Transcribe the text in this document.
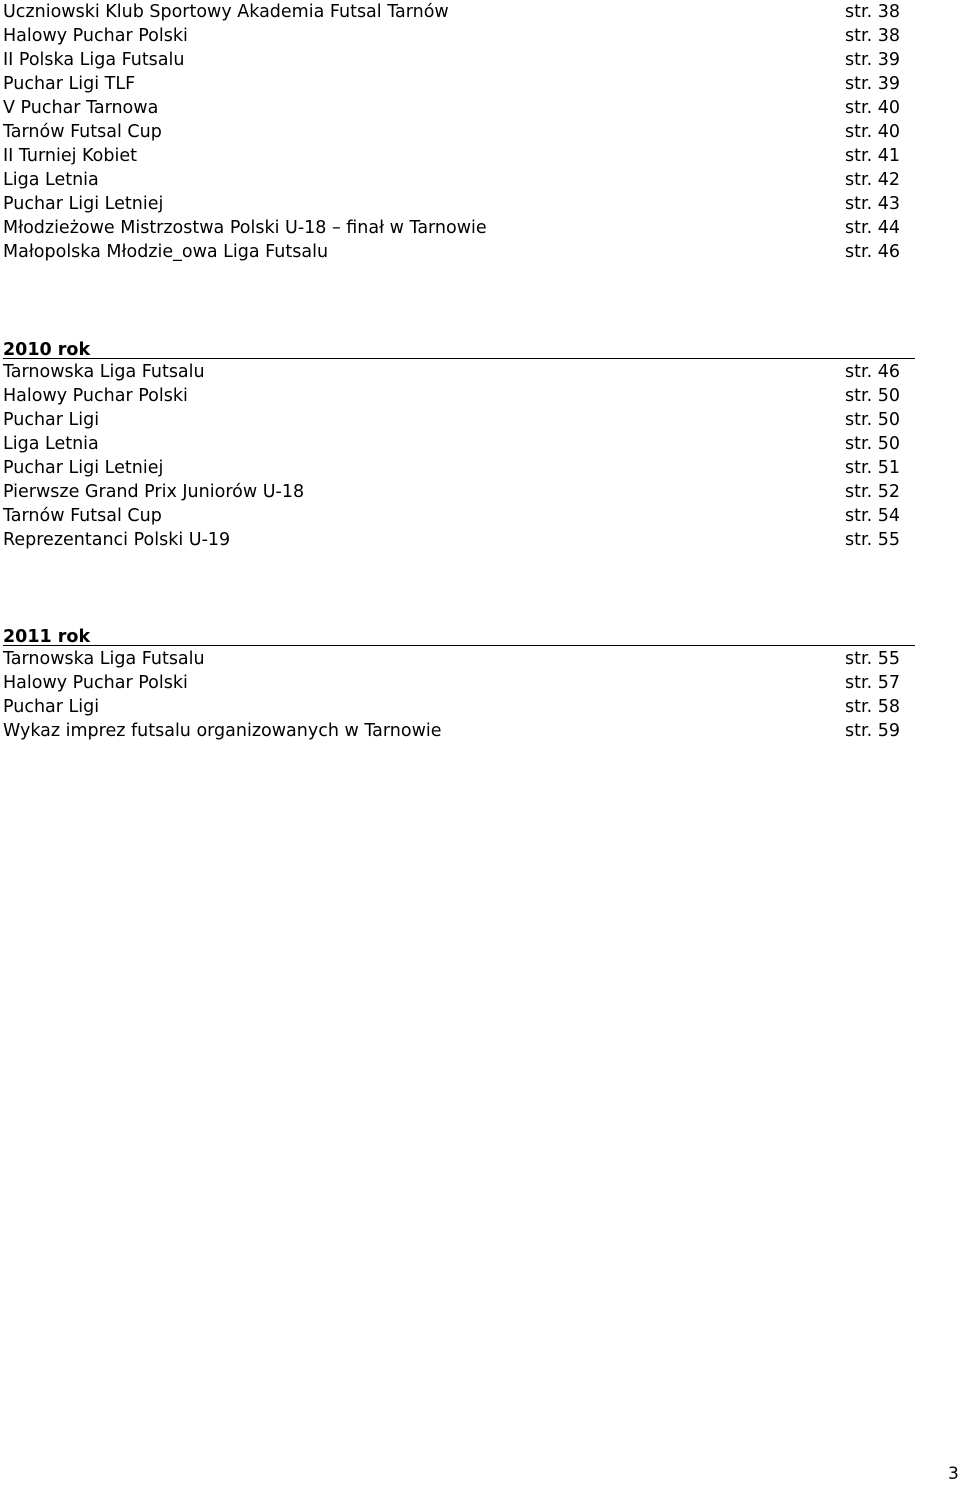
Uczniowski Klub Sportowy Akademia Futsal Tarnów	str. 38
Halowy Puchar Polski	str. 38
II Polska Liga Futsalu	str. 39
Puchar Ligi TLF	str. 39
V Puchar Tarnowa	str. 40
Tarnów Futsal Cup	str. 40
II Turniej Kobiet	str. 41
Liga Letnia	str. 42
Puchar Ligi Letniej	str. 43
Młodzieżowe Mistrzostwa Polski U-18 – finał w Tarnowie	str. 44
Małopolska Młodzie_owa Liga Futsalu	str. 46
2010 rok
Tarnowska Liga Futsalu	str. 46
Halowy Puchar Polski	str. 50
Puchar Ligi	str. 50
Liga Letnia	str. 50
Puchar Ligi Letniej	str. 51
Pierwsze Grand Prix Juniorów U-18	str. 52
Tarnów Futsal Cup	str. 54
Reprezentanci Polski U-19	str. 55
2011 rok
Tarnowska Liga Futsalu	str. 55
Halowy Puchar Polski	str. 57
Puchar Ligi	str. 58
Wykaz imprez futsalu organizowanych w Tarnowie	str. 59
3
